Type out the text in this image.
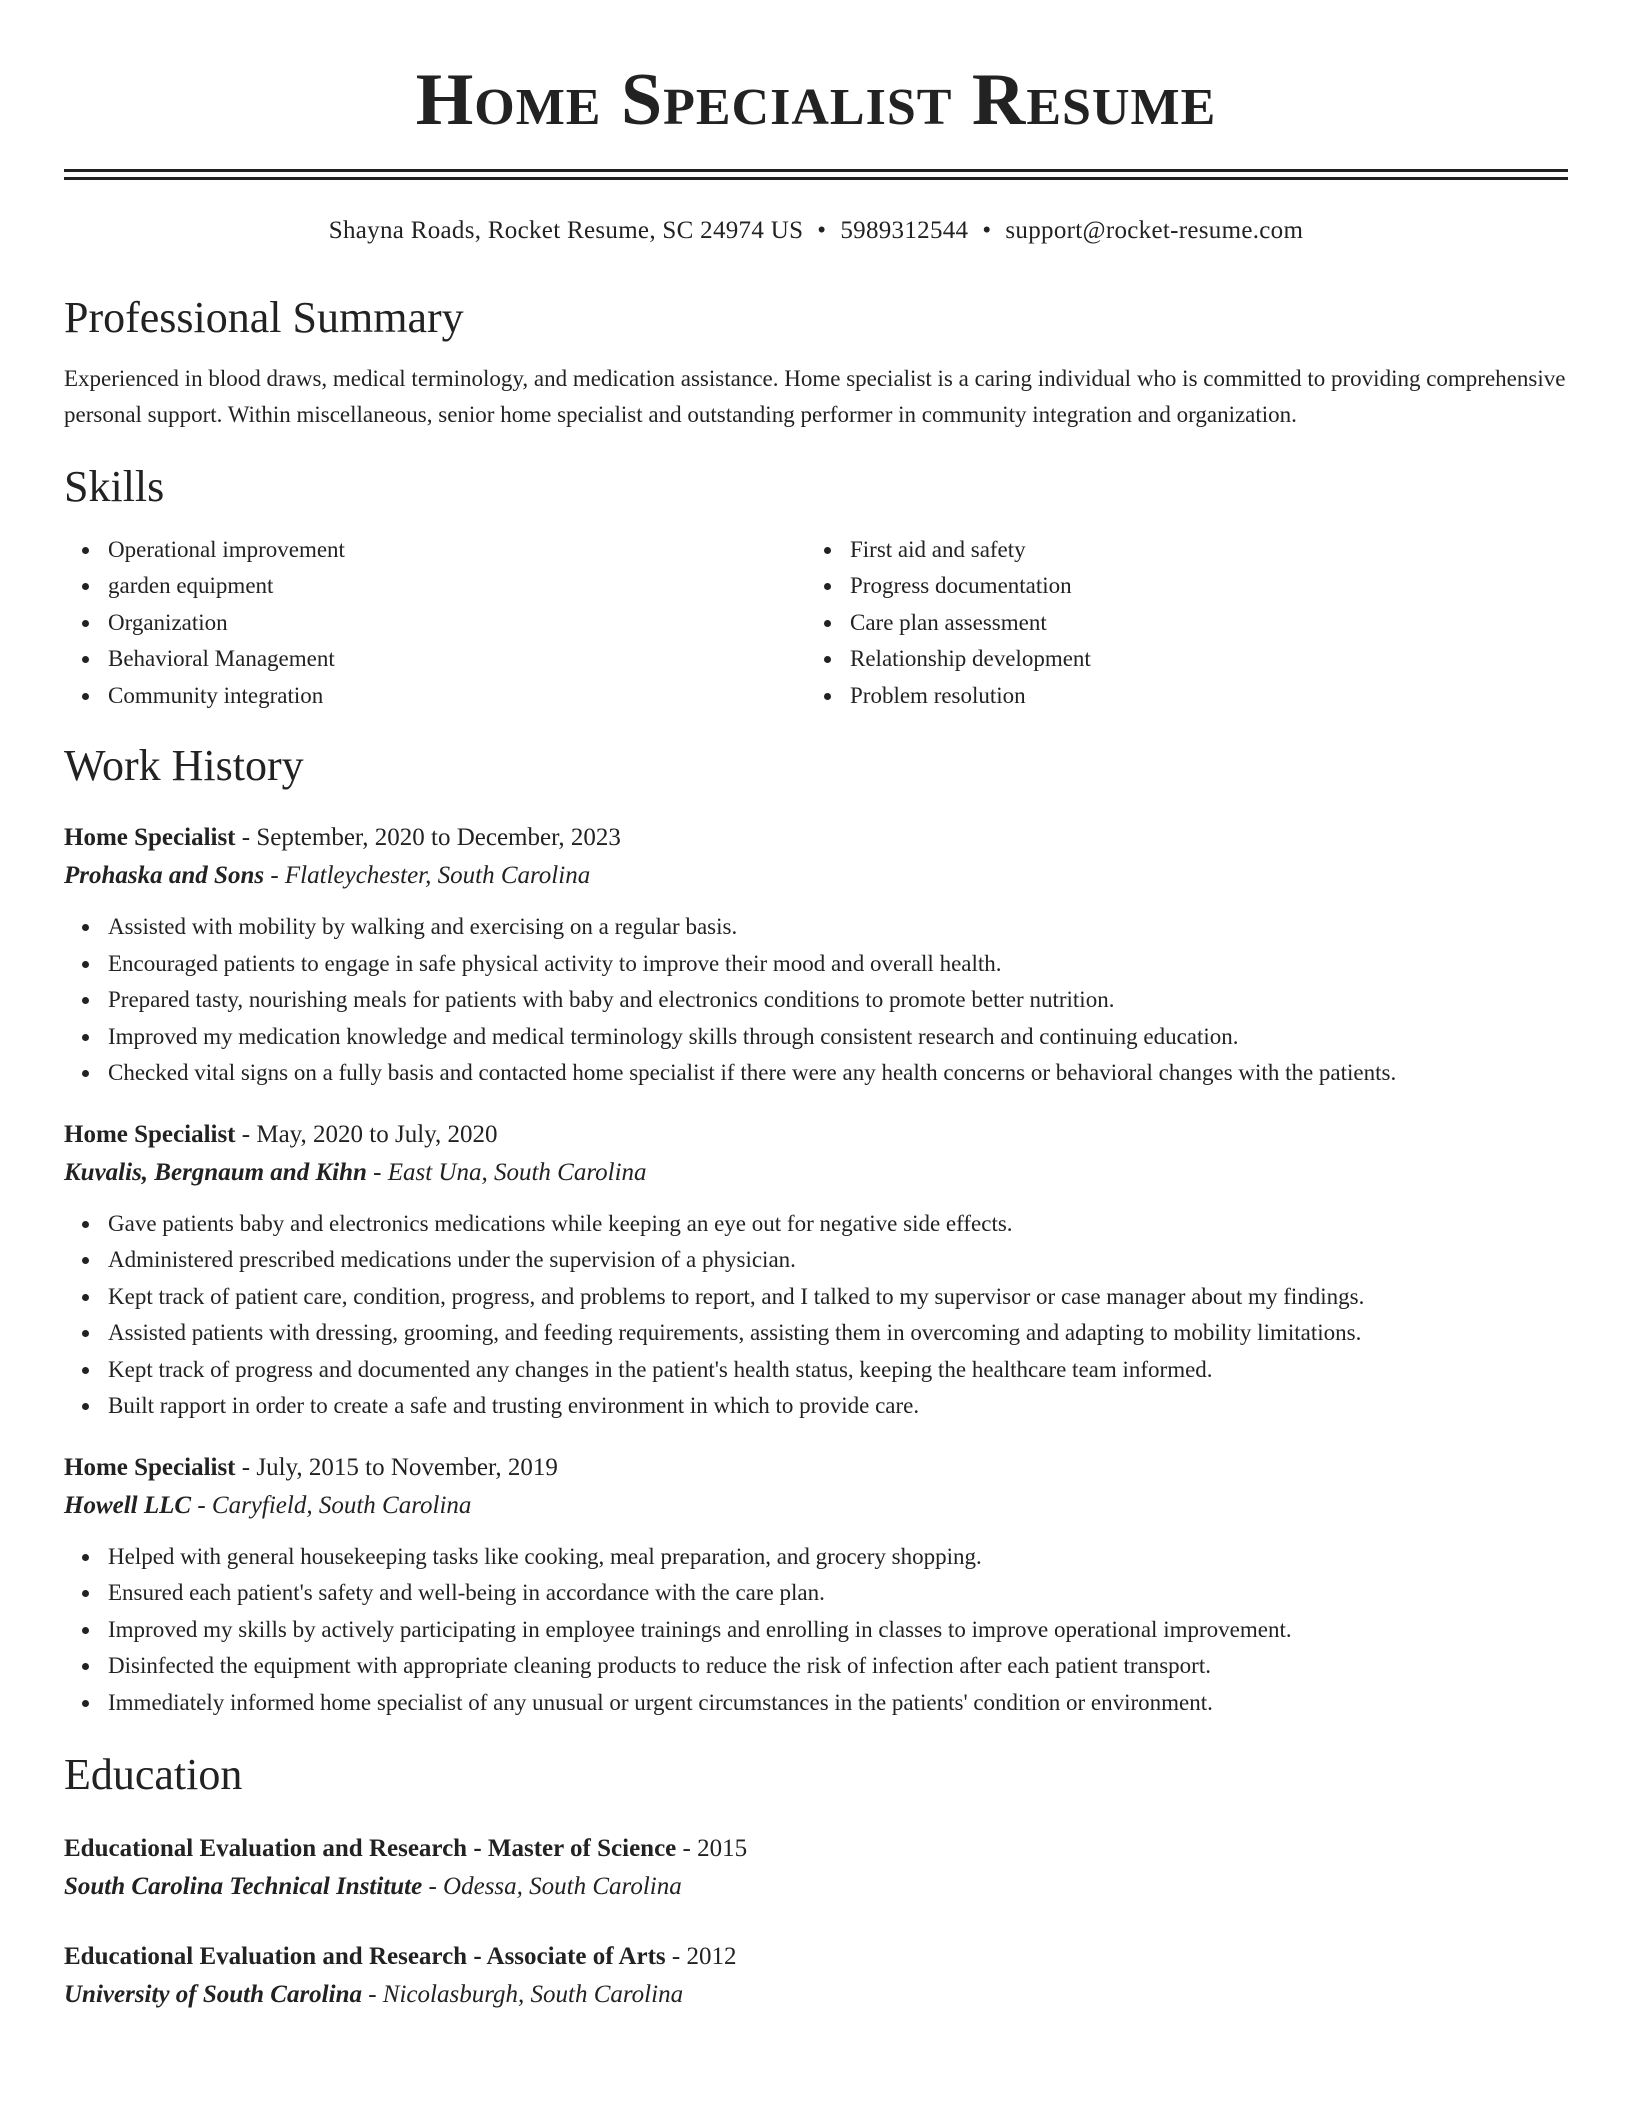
Home Specialist Resume
Shayna Roads, Rocket Resume, SC 24974 US • 5989312544 • support@rocket-resume.com
Professional Summary

Experienced in blood draws, medical terminology, and medication assistance. Home specialist is a caring individual who is committed to providing comprehensive personal support. Within miscellaneous, senior home specialist and outstanding performer in community integration and organization.

Skills
Operational improvement
garden equipment
Organization
Behavioral Management
Community integration
First aid and safety
Progress documentation
Care plan assessment
Relationship development
Problem resolution
Work History
Home Specialist - September, 2020 to December, 2023
Prohaska and Sons - Flatleychester, South Carolina
Assisted with mobility by walking and exercising on a regular basis.
Encouraged patients to engage in safe physical activity to improve their mood and overall health.
Prepared tasty, nourishing meals for patients with baby and electronics conditions to promote better nutrition.
Improved my medication knowledge and medical terminology skills through consistent research and continuing education.
Checked vital signs on a fully basis and contacted home specialist if there were any health concerns or behavioral changes with the patients.
Home Specialist - May, 2020 to July, 2020
Kuvalis, Bergnaum and Kihn - East Una, South Carolina
Gave patients baby and electronics medications while keeping an eye out for negative side effects.
Administered prescribed medications under the supervision of a physician.
Kept track of patient care, condition, progress, and problems to report, and I talked to my supervisor or case manager about my findings.
Assisted patients with dressing, grooming, and feeding requirements, assisting them in overcoming and adapting to mobility limitations.
Kept track of progress and documented any changes in the patient's health status, keeping the healthcare team informed.
Built rapport in order to create a safe and trusting environment in which to provide care.
Home Specialist - July, 2015 to November, 2019
Howell LLC - Caryfield, South Carolina
Helped with general housekeeping tasks like cooking, meal preparation, and grocery shopping.
Ensured each patient's safety and well-being in accordance with the care plan.
Improved my skills by actively participating in employee trainings and enrolling in classes to improve operational improvement.
Disinfected the equipment with appropriate cleaning products to reduce the risk of infection after each patient transport.
Immediately informed home specialist of any unusual or urgent circumstances in the patients' condition or environment.
Education
Educational Evaluation and Research - Master of Science - 2015
South Carolina Technical Institute - Odessa, South Carolina
Educational Evaluation and Research - Associate of Arts - 2012
University of South Carolina - Nicolasburgh, South Carolina
